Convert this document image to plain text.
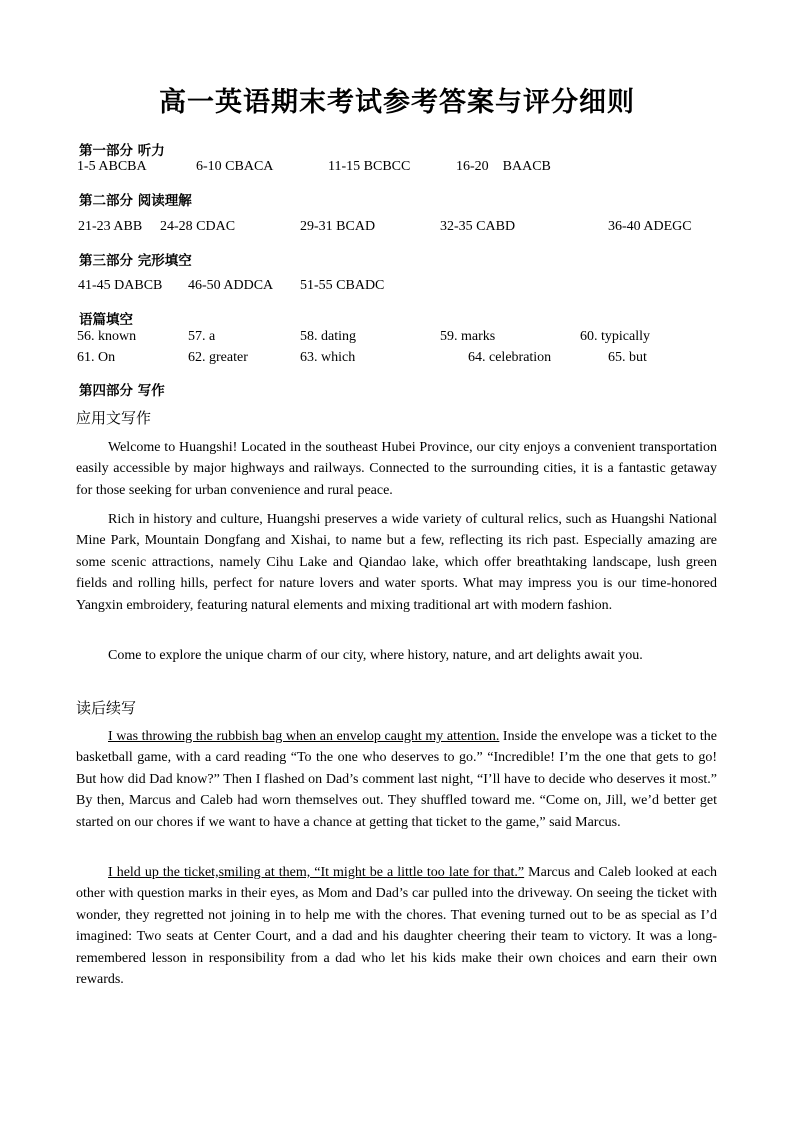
高一英语期末考试参考答案与评分细则
第一部分 听力
1-5 ABCBA	6-10 CBACA	11-15 BCBCC	16-20    BAACB
第二部分 阅读理解
21-23 ABB 24-28 CDAC	29-31 BCAD	32-35 CABD	36-40 ADEGC
第三部分 完形填空
41-45 DABCB 46-50 ADDCA 51-55 CBADC
语篇填空
56. known	57. a	58. dating	59. marks	60. typically
61. On	62. greater	63. which	64. celebration	65. but
第四部分 写作
应用文写作

Welcome to Huangshi! Located in the southeast Hubei Province, our city enjoys a convenient transportation easily accessible by major highways and railways. Connected to the surrounding cities, it is a fantastic getaway for those seeking for urban convenience and rural peace.

Rich in history and culture, Huangshi preserves a wide variety of cultural relics, such as Huangshi National Mine Park, Mountain Dongfang and Xishai, to name but a few, reflecting its rich past. Especially amazing are some scenic attractions, namely Cihu Lake and Qiandao lake, which offer breathtaking landscape, lush green fields and rolling hills, perfect for nature lovers and water sports. What may impress you is our time-honored Yangxin embroidery, featuring natural elements and mixing traditional art with modern fashion.

Come to explore the unique charm of our city, where history, nature, and art delights await you.

读后续写

I was throwing the rubbish bag when an envelop caught my attention. Inside the envelope was a ticket to the basketball game, with a card reading “To the one who deserves to go.” “Incredible! I’m the one that gets to go! But how did Dad know?” Then I flashed on Dad’s comment last night, “I’ll have to decide who deserves it most.” By then, Marcus and Caleb had worn themselves out. They shuffled toward me. “Come on, Jill, we’d better get started on our chores if we want to have a chance at getting that ticket to the game,” said Marcus.

I held up the ticket,smiling at them, “It might be a little too late for that.” Marcus and Caleb looked at each other with question marks in their eyes, as Mom and Dad’s car pulled into the driveway. On seeing the ticket with wonder, they regretted not joining in to help me with the chores. That evening turned out to be as special as I’d imagined: Two seats at Center Court, and a dad and his daughter cheering their team to victory. It was a long-remembered lesson in responsibility from a dad who let his kids make their own choices and earn their own rewards.
